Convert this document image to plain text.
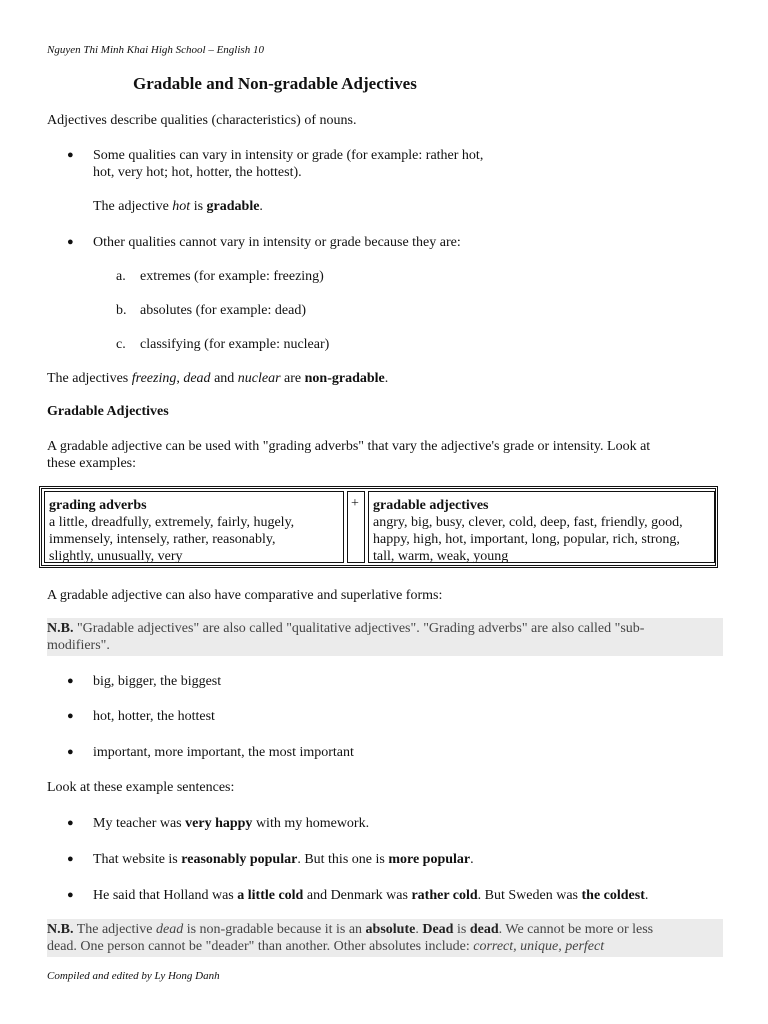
Nguyen Thi Minh Khai High School – English 10
Gradable and Non-gradable Adjectives
Adjectives describe qualities (characteristics) of nouns.
● Some qualities can vary in intensity or grade (for example: rather hot,
hot, very hot; hot, hotter, the hottest).
The adjective hot is gradable.
● Other qualities cannot vary in intensity or grade because they are:
a. extremes (for example: freezing)
b. absolutes (for example: dead)
c. classifying (for example: nuclear)
The adjectives freezing, dead and nuclear are non-gradable.
Gradable Adjectives
A gradable adjective can be used with "grading adverbs" that vary the adjective's grade or intensity. Look at
these examples:
grading adverbs
a little, dreadfully, extremely, fairly, hugely,
immensely, intensely, rather, reasonably,
slightly, unusually, very
+	gradable adjectives
angry, big, busy, clever, cold, deep, fast, friendly, good,
happy, high, hot, important, long, popular, rich, strong,
tall, warm, weak, young
A gradable adjective can also have comparative and superlative forms:
N.B. "Gradable adjectives" are also called "qualitative adjectives". "Grading adverbs" are also called "sub-
modifiers".
● big, bigger, the biggest
● hot, hotter, the hottest
● important, more important, the most important
Look at these example sentences:
● My teacher was very happy with my homework.
● That website is reasonably popular. But this one is more popular.
● He said that Holland was a little cold and Denmark was rather cold. But Sweden was the coldest.
N.B. The adjective dead is non-gradable because it is an absolute. Dead is dead. We cannot be more or less
dead. One person cannot be "deader" than another. Other absolutes include: correct, unique, perfect
Compiled and edited by Ly Hong Danh
